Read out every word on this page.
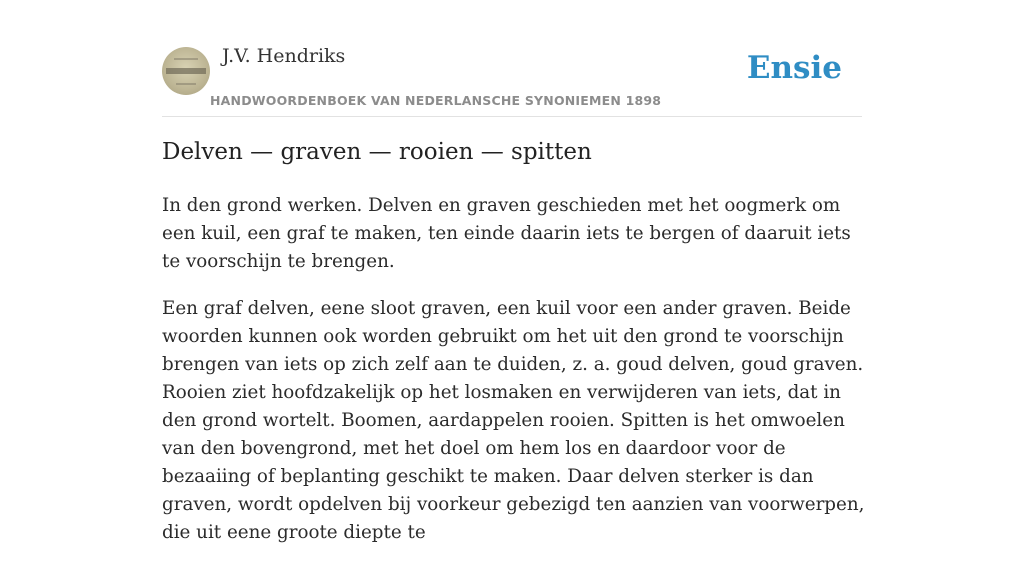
J.V. Hendriks
HANDWOORDENBOEK VAN NEDERLANSCHE SYNONIEMEN 1898
Ensie
Delven — graven — rooien — spitten

In den grond werken. Delven en graven geschieden met het oogmerk om een kuil, een graf te maken, ten einde daarin iets te bergen of daaruit iets te voorschijn te brengen.

Een graf delven, eene sloot graven, een kuil voor een ander graven. Beide woorden kunnen ook worden gebruikt om het uit den grond te voorschijn brengen van iets op zich zelf aan te duiden, z. a. goud delven, goud graven. Rooien ziet hoofdzakelijk op het losmaken en verwijderen van iets, dat in den grond wortelt. Boomen, aardappelen rooien. Spitten is het omwoelen van den bovengrond, met het doel om hem los en daardoor voor de bezaaiing of beplanting geschikt te maken. Daar delven sterker is dan graven, wordt opdelven bij voorkeur gebezigd ten aanzien van voorwerpen, die uit eene groote diepte te
